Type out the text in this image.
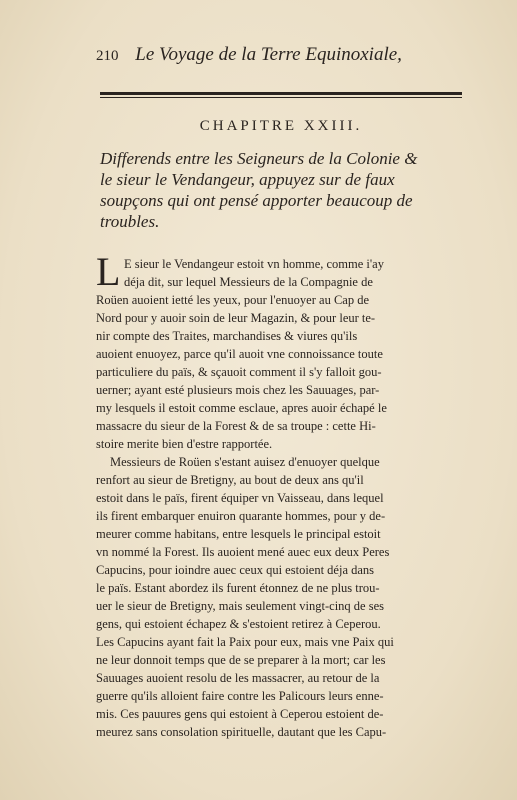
210 Le Voyage de la Terre Equinoxiale,
CHAPITRE XXIII.
Differends entre les Seigneurs de la Colonie &
le sieur le Vendangeur, appuyez sur de faux
soupçons qui ont pensé apporter beaucoup de
troubles.
L E sieur le Vendangeur estoit vn homme, comme i'ay
déja dit, sur lequel Messieurs de la Compagnie de
Roüen auoient ietté les yeux, pour l'enuoyer au Cap de
Nord pour y auoir soin de leur Magazin, & pour leur te-
nir compte des Traites, marchandises & viures qu'ils
auoient enuoyez, parce qu'il auoit vne connoissance toute
particuliere du païs, & sçauoit comment il s'y falloit gou-
uerner; ayant esté plusieurs mois chez les Sauuages, par-
my lesquels il estoit comme esclaue, apres auoir échapé le
massacre du sieur de la Forest & de sa troupe : cette Hi-
stoire merite bien d'estre rapportée.
Messieurs de Roüen s'estant auisez d'enuoyer quelque
renfort au sieur de Bretigny, au bout de deux ans qu'il
estoit dans le païs, firent équiper vn Vaisseau, dans lequel
ils firent embarquer enuiron quarante hommes, pour y de-
meurer comme habitans, entre lesquels le principal estoit
vn nommé la Forest. Ils auoient mené auec eux deux Peres
Capucins, pour ioindre auec ceux qui estoient déja dans
le païs. Estant abordez ils furent étonnez de ne plus trou-
uer le sieur de Bretigny, mais seulement vingt-cinq de ses
gens, qui estoient échapez & s'estoient retirez à Ceperou.
Les Capucins ayant fait la Paix pour eux, mais vne Paix qui
ne leur donnoit temps que de se preparer à la mort; car les
Sauuages auoient resolu de les massacrer, au retour de la
guerre qu'ils alloient faire contre les Palicours leurs enne-
mis. Ces pauures gens qui estoient à Ceperou estoient de-
meurez sans consolation spirituelle, dautant que les Capu-
